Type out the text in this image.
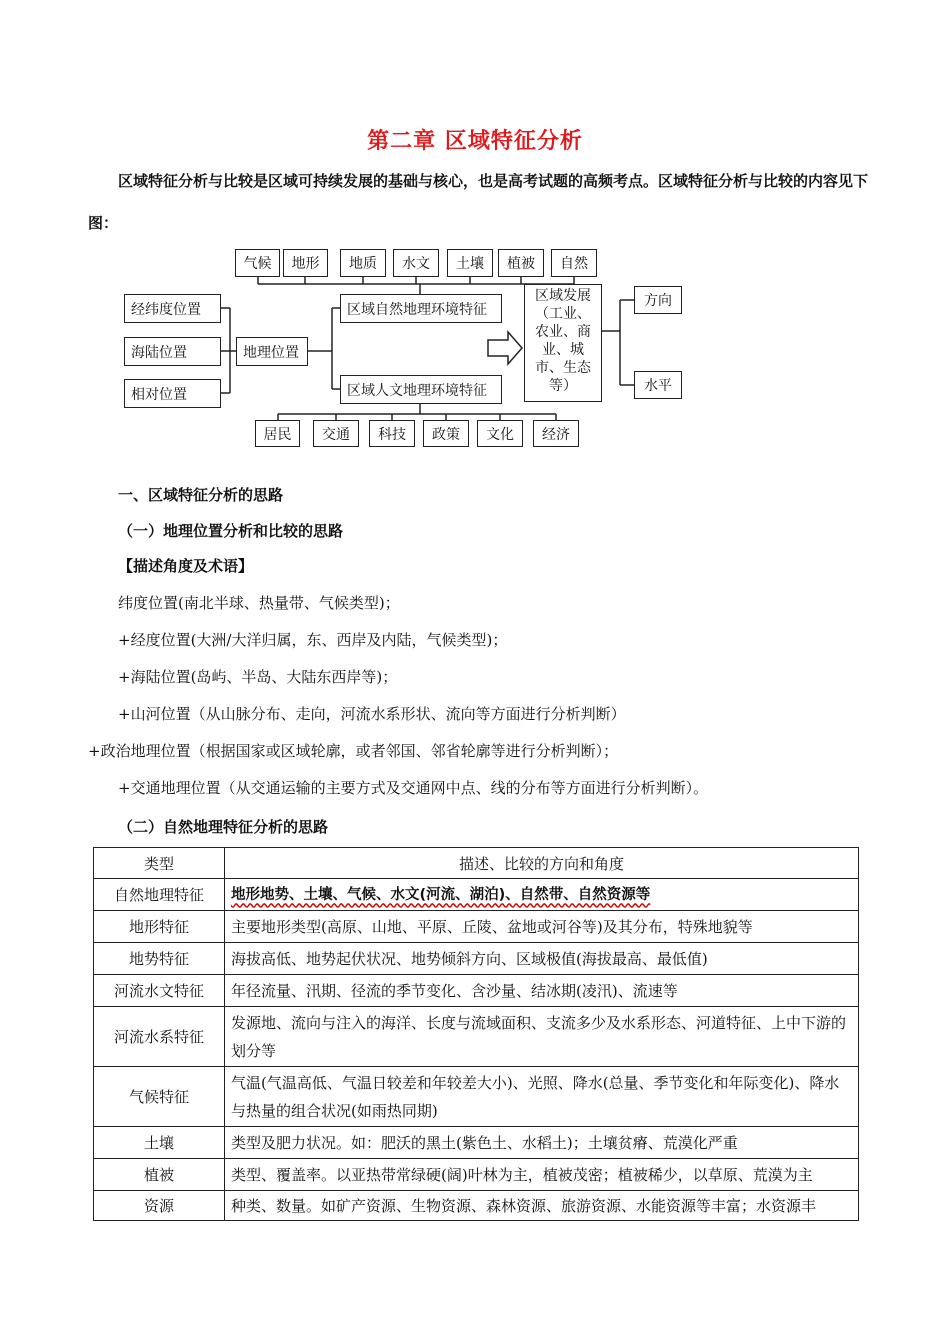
第二章 区域特征分析

区域特征分析与比较是区域可持续发展的基础与核心，也是高考试题的高频考点。区域特征分析与比较的内容见下图：

气候	地形	地质	水文	土壤	植被	自然
经纬度位置
海陆位置
相对位置
地理位置
区域自然地理环境特征
区域人文地理环境特征
区域发展（工业、农业、商业、城市、生态等）
方向
水平
居民	交通	科技	政策	文化	经济
一、区域特征分析的思路
（一）地理位置分析和比较的思路
【描述角度及术语】
纬度位置(南北半球、热量带、气候类型)；
+经度位置(大洲/大洋归属，东、西岸及内陆，气候类型)；
+海陆位置(岛屿、半岛、大陆东西岸等)；
+山河位置（从山脉分布、走向，河流水系形状、流向等方面进行分析判断）
+政治地理位置（根据国家或区域轮廓，或者邻国、邻省轮廓等进行分析判断）；
+交通地理位置（从交通运输的主要方式及交通网中点、线的分布等方面进行分析判断）。
（二）自然地理特征分析的思路
类型	描述、比较的方向和角度
自然地理特征	地形地势、土壤、气候、水文(河流、湖泊)、自然带、自然资源等
地形特征	主要地形类型(高原、山地、平原、丘陵、盆地或河谷等)及其分布，特殊地貌等
地势特征	海拔高低、地势起伏状况、地势倾斜方向、区域极值(海拔最高、最低值)
河流水文特征	年径流量、汛期、径流的季节变化、含沙量、结冰期(凌汛)、流速等
河流水系特征	发源地、流向与注入的海洋、长度与流域面积、支流多少及水系形态、河道特征、上中下游的划分等
气候特征	气温(气温高低、气温日较差和年较差大小)、光照、降水(总量、季节变化和年际变化)、降水与热量的组合状况(如雨热同期)
土壤	类型及肥力状况。如：肥沃的黑土(紫色土、水稻土)；土壤贫瘠、荒漠化严重
植被	类型、覆盖率。以亚热带常绿硬(阔)叶林为主，植被茂密；植被稀少，以草原、荒漠为主
资源	种类、数量。如矿产资源、生物资源、森林资源、旅游资源、水能资源等丰富；水资源丰
